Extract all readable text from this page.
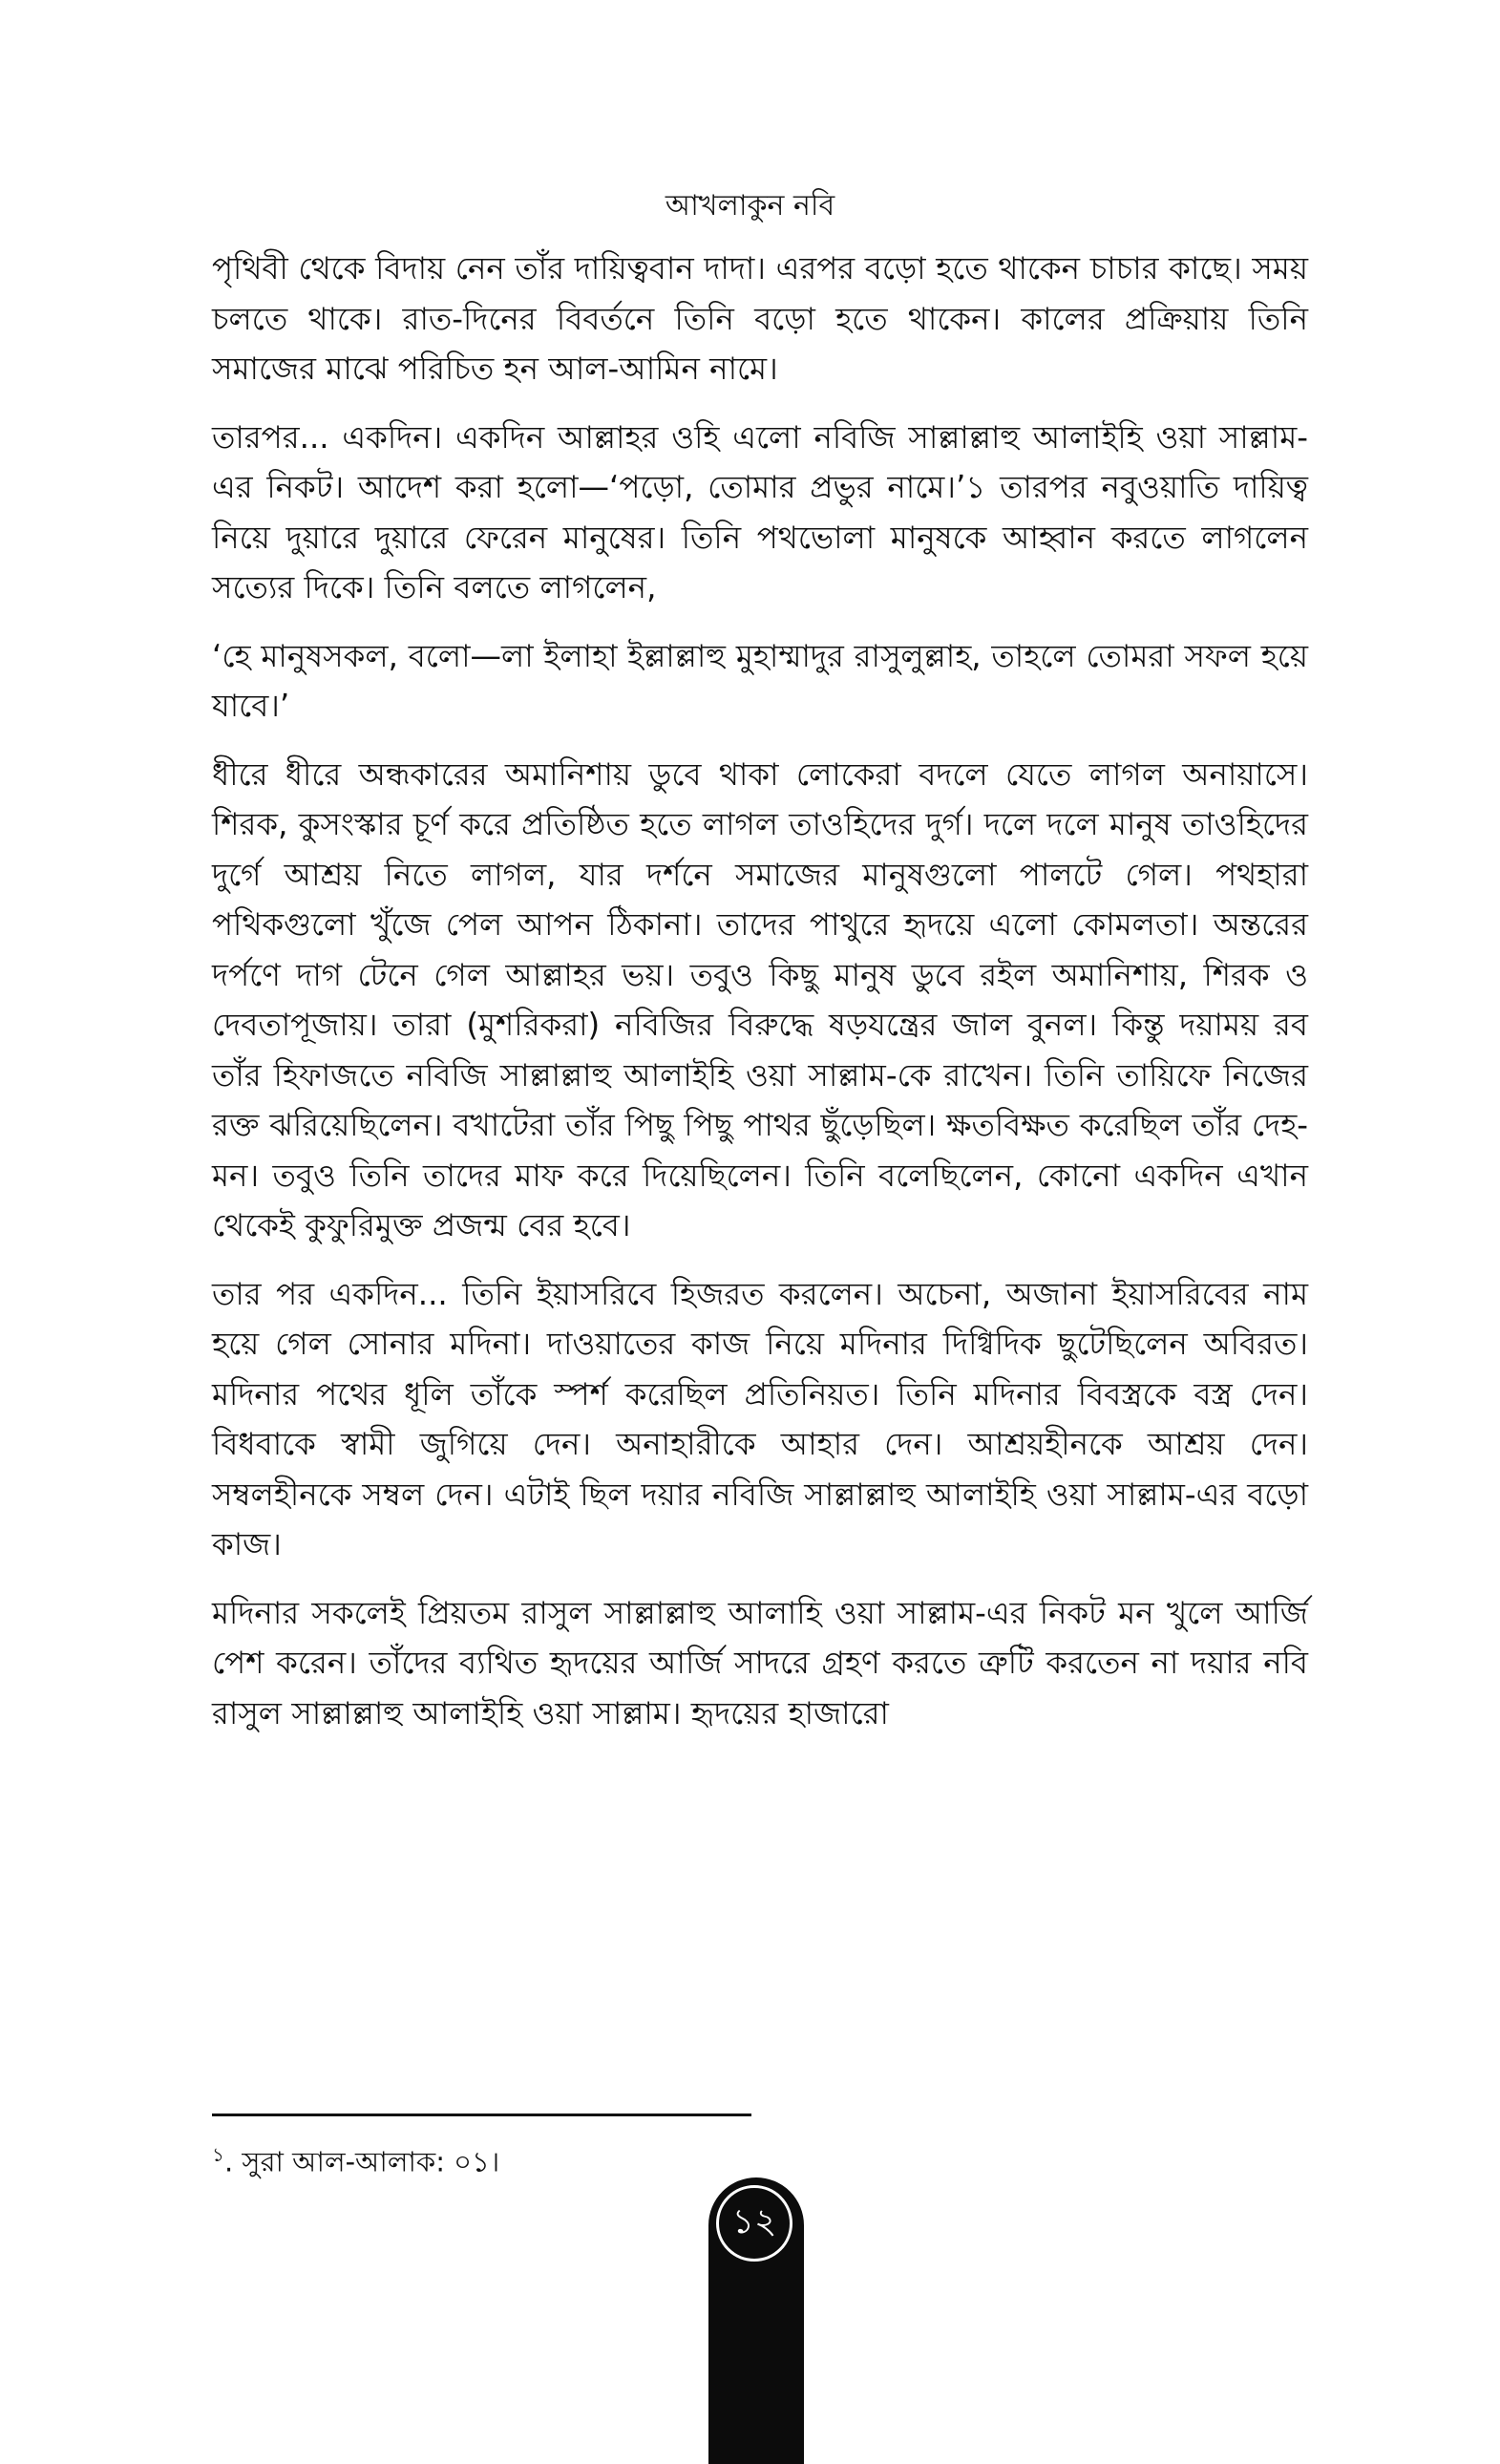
আখলাকুন নবি

পৃথিবী থেকে বিদায় নেন তাঁর দায়িত্ববান দাদা। এরপর বড়ো হতে থাকেন চাচার কাছে। সময় চলতে থাকে। রাত-দিনের বিবর্তনে তিনি বড়ো হতে থাকেন। কালের প্রক্রিয়ায় তিনি সমাজের মাঝে পরিচিত হন আল-আমিন নামে।

তারপর... একদিন। একদিন আল্লাহর ওহি এলো নবিজি সাল্লাল্লাহু আলাইহি ওয়া সাল্লাম-এর নিকট। আদেশ করা হলো—‘পড়ো, তোমার প্রভুর নামে।’১ তারপর নবুওয়াতি দায়িত্ব নিয়ে দুয়ারে দুয়ারে ফেরেন মানুষের। তিনি পথভোলা মানুষকে আহ্বান করতে লাগলেন সত্যের দিকে। তিনি বলতে লাগলেন,

‘হে মানুষসকল, বলো—লা ইলাহা ইল্লাল্লাহু মুহাম্মাদুর রাসুলুল্লাহ, তাহলে তোমরা সফল হয়ে যাবে।’

ধীরে ধীরে অন্ধকারের অমানিশায় ডুবে থাকা লোকেরা বদলে যেতে লাগল অনায়াসে। শিরক, কুসংস্কার চূর্ণ করে প্রতিষ্ঠিত হতে লাগল তাওহিদের দুর্গ। দলে দলে মানুষ তাওহিদের দুর্গে আশ্রয় নিতে লাগল, যার দর্শনে সমাজের মানুষগুলো পালটে গেল। পথহারা পথিকগুলো খুঁজে পেল আপন ঠিকানা। তাদের পাথুরে হৃদয়ে এলো কোমলতা। অন্তরের দর্পণে দাগ টেনে গেল আল্লাহর ভয়। তবুও কিছু মানুষ ডুবে রইল অমানিশায়, শিরক ও দেবতাপূজায়। তারা (মুশরিকরা) নবিজির বিরুদ্ধে ষড়যন্ত্রের জাল বুনল। কিন্তু দয়াময় রব তাঁর হিফাজতে নবিজি সাল্লাল্লাহু আলাইহি ওয়া সাল্লাম-কে রাখেন। তিনি তায়িফে নিজের রক্ত ঝরিয়েছিলেন। বখাটেরা তাঁর পিছু পিছু পাথর ছুঁড়েছিল। ক্ষতবিক্ষত করেছিল তাঁর দেহ-মন। তবুও তিনি তাদের মাফ করে দিয়েছিলেন। তিনি বলেছিলেন, কোনো একদিন এখান থেকেই কুফুরিমুক্ত প্রজন্ম বের হবে।

তার পর একদিন... তিনি ইয়াসরিবে হিজরত করলেন। অচেনা, অজানা ইয়াসরিবের নাম হয়ে গেল সোনার মদিনা। দাওয়াতের কাজ নিয়ে মদিনার দিগ্বিদিক ছুটেছিলেন অবিরত। মদিনার পথের ধূলি তাঁকে স্পর্শ করেছিল প্রতিনিয়ত। তিনি মদিনার বিবস্ত্রকে বস্ত্র দেন। বিধবাকে স্বামী জুগিয়ে দেন। অনাহারীকে আহার দেন। আশ্রয়হীনকে আশ্রয় দেন। সম্বলহীনকে সম্বল দেন। এটাই ছিল দয়ার নবিজি সাল্লাল্লাহু আলাইহি ওয়া সাল্লাম-এর বড়ো কাজ।

মদিনার সকলেই প্রিয়তম রাসুল সাল্লাল্লাহু আলাহি ওয়া সাল্লাম-এর নিকট মন খুলে আর্জি পেশ করেন। তাঁদের ব্যথিত হৃদয়ের আর্জি সাদরে গ্রহণ করতে ত্রুটি করতেন না দয়ার নবি রাসুল সাল্লাল্লাহু আলাইহি ওয়া সাল্লাম। হৃদয়ের হাজারো

$^১$. সুরা আল-আলাক: ০১।
১২
